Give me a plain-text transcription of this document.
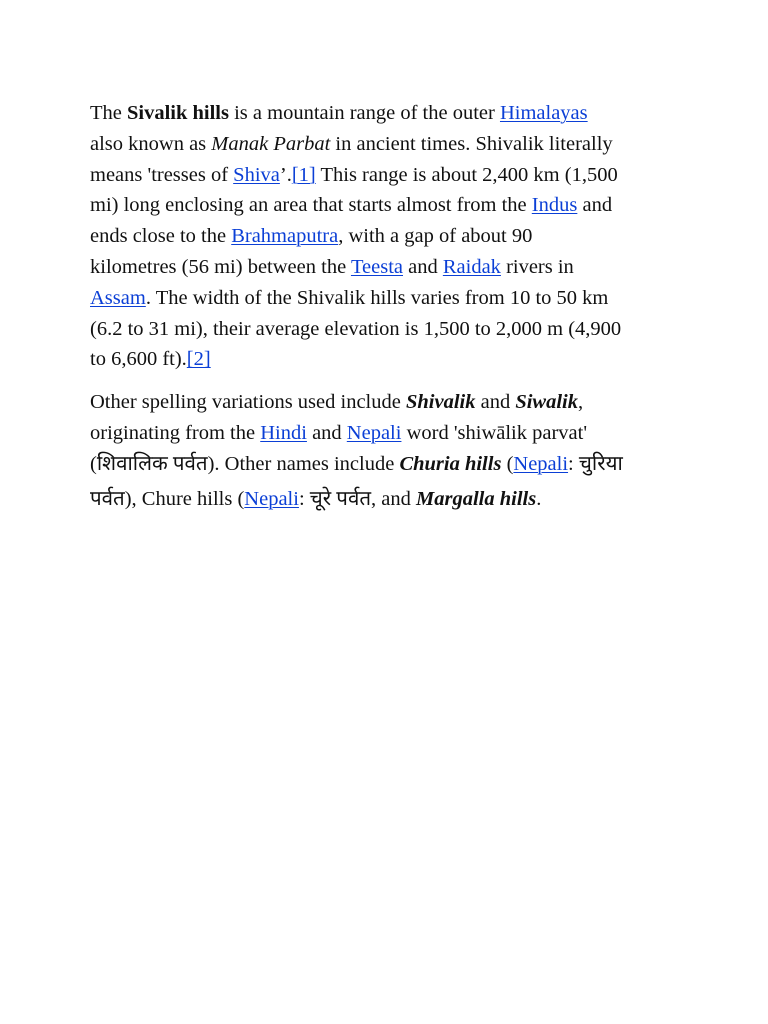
The Sivalik hills is a mountain range of the outer Himalayas
also known as Manak Parbat in ancient times. Shivalik literally
means 'tresses of Shiva’.[1] This range is about 2,400 km (1,500
mi) long enclosing an area that starts almost from the Indus and
ends close to the Brahmaputra, with a gap of about 90
kilometres (56 mi) between the Teesta and Raidak rivers in
Assam. The width of the Shivalik hills varies from 10 to 50 km
(6.2 to 31 mi), their average elevation is 1,500 to 2,000 m (4,900
to 6,600 ft).[2]

Other spelling variations used include Shivalik and Siwalik,
originating from the Hindi and Nepali word 'shiwālik parvat'
(शिवालिक पर्वत). Other names include Churia hills (Nepali: चुरिया
पर्वत), Chure hills (Nepali: चूरे पर्वत, and Margalla hills.
